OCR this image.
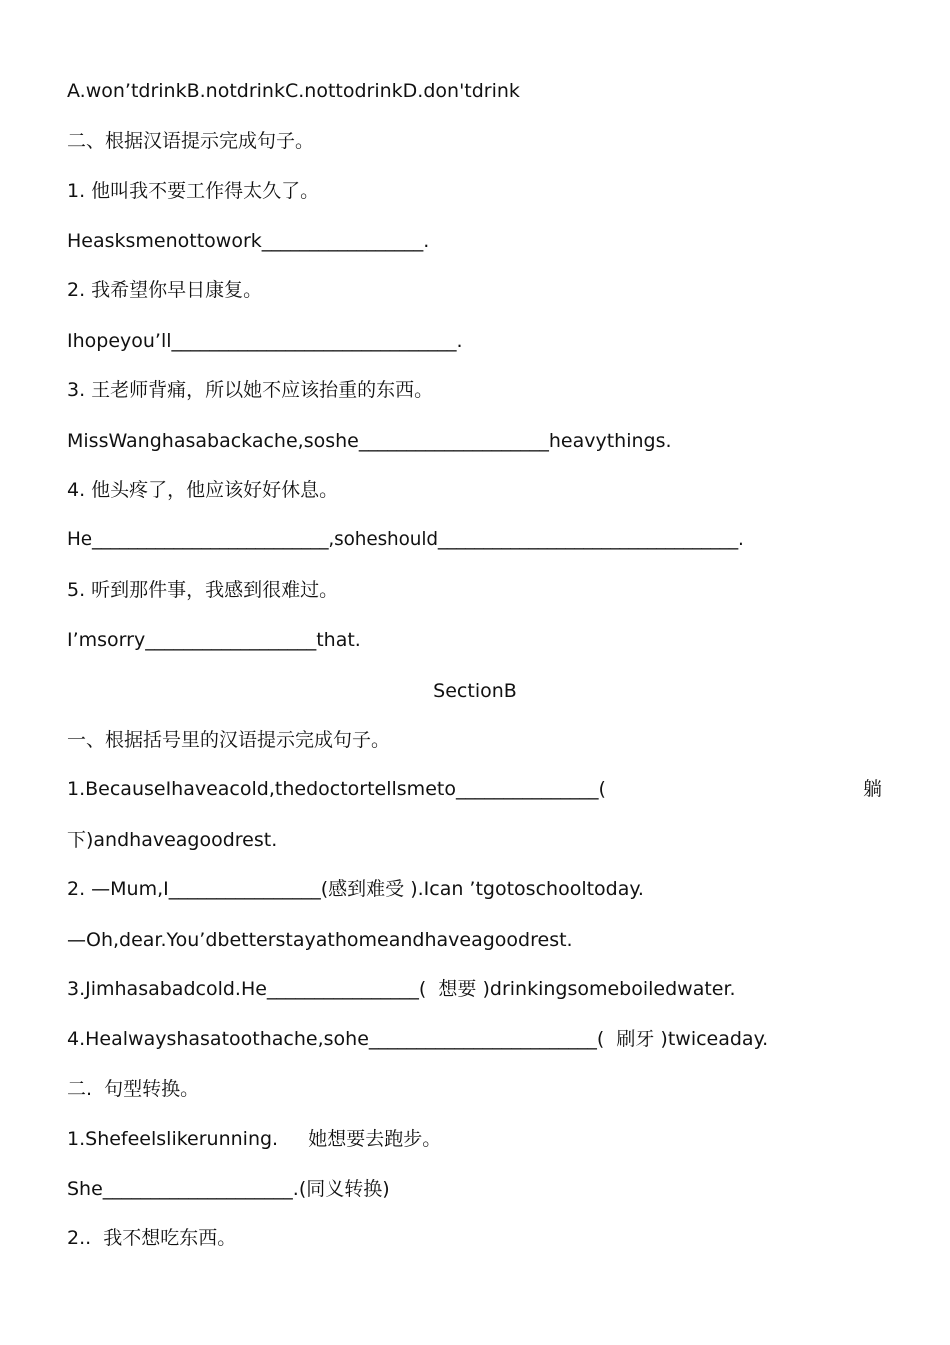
A.won’tdrinkB.notdrinkC.nottodrinkD.don'tdrink
二、根据汉语提示完成句子。
1. 他叫我不要工作得太久了。
Heasksmenottowork_________________.
2. 我希望你早日康复。
Ihopeyou’ll______________________________.
3. 王老师背痛，所以她不应该抬重的东西。
MissWanghasabackache,soshe____________________heavythings.
4. 他头疼了，他应该好好休息。
He__________________________,soheshould_________________________________.
5. 听到那件事，我感到很难过。
I’msorry__________________that.
SectionB
一、根据括号里的汉语提示完成句子。
1.BecauseIhaveacold,thedoctortellsmeto_______________(	躺
下)andhaveagoodrest.
2. —Mum,I________________(感到难受 ).Ican ’tgotoschooltoday.
—Oh,dear.You’dbetterstayathomeandhaveagoodrest.
3.Jimhasabadcold.He________________(  想要 )drinkingsomeboiledwater.
4.Healwayshasatoothache,sohe________________________(  刷牙 )twiceaday.
二.  句型转换。
1.Shefeelslikerunning.     她想要去跑步。
She____________________.(同义转换)
2..  我不想吃东西。
